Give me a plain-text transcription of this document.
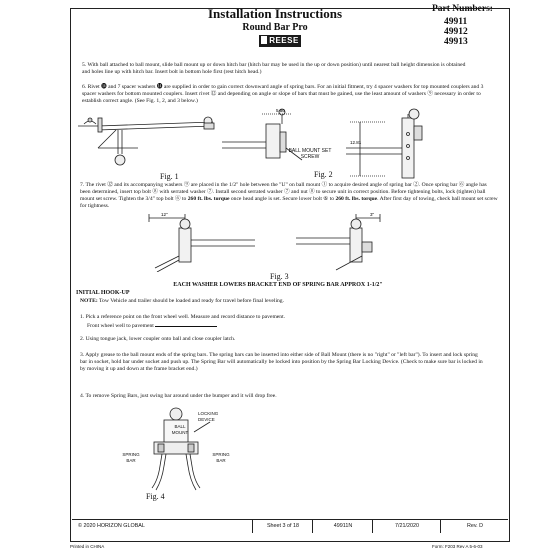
Installation Instructions
Round Bar Pro
REESE
Part Numbers:
49911
49912
49913
5. With ball attached to ball mount, slide ball mount up or down hitch bar (hitch bar may be used in the up or down position) until nearest ball height dimension is obtained and holes line up with hitch bar. Insert bolt in bottom hole first (rest hitch head.)
6. Rivet ⓮ and 7 spacer washers ⓮ are supplied in order to gain correct downward angle of spring bars. For an initial fitment, try 4 spacer washers for top mounted couplers and 3 spacer washers for bottom mounted couplers. Insert rivet ⑫ and depending on angle or slope of bars that must be gained, use the least amount of washers ⑨ necessary in order to establish correct angle. (See Fig. 1, 2, and 3 below.)
Fig. 1
5.86
BALL MOUNT SET SCREW
Fig. 2
12.81
7. The rivet ⑫ and its accompanying washers ⑨ are placed in the 1/2" hole between the "U" on ball mount ① to acquire desired angle of spring bar ②. Once spring bar ⑥ angle has been determined, insert top bolt ⑧ with serrated washer ⑦. Install second serrated washer ⑦ and nut ⑧ to secure unit in correct position. Before tightening bolts, lock (tighten) ball mount set screw. Tighten the 3/4" top bolt ⑥ to 260 ft. lbs. torque once head angle is set. Secure lower bolt ⑥ to 260 ft. lbs. torque. After first day of towing, check ball mount set screw for tightness.
12"	3"
Fig. 3
EACH WASHER LOWERS BRACKET END OF SPRING BAR APPROX 1-1/2"
INITIAL HOOK-UP
NOTE: Tow Vehicle and trailer should be loaded and ready for travel before final leveling.
1. Pick a reference point on the front wheel well. Measure and record distance to pavement.
Front wheel well to pavement
2. Using tongue jack, lower coupler onto ball and close coupler latch.
3. Apply grease to the ball mount ends of the spring bars. The spring bars can be inserted into either side of Ball Mount (there is no "right" or "left bar"). To insert and lock spring bar in socket, hold bar under socket and push up. The Spring Bar will automatically be locked into position by the Spring Bar Locking Device. (Check to make sure bar is locked in by moving it up and down at the frame bracket end.)
4. To remove Spring Bars, just swing bar around under the bumper and it will drop free.
LOCKING DEVICE
BALL MOUNT
SPRING BAR
SPRING BAR
Fig. 4
© 2020 HORIZON GLOBAL	Sheet 3 of 18	49911N	7/21/2020	Rev. D
Printed in CHINA	Form: F203 Rev A 5-6-03
